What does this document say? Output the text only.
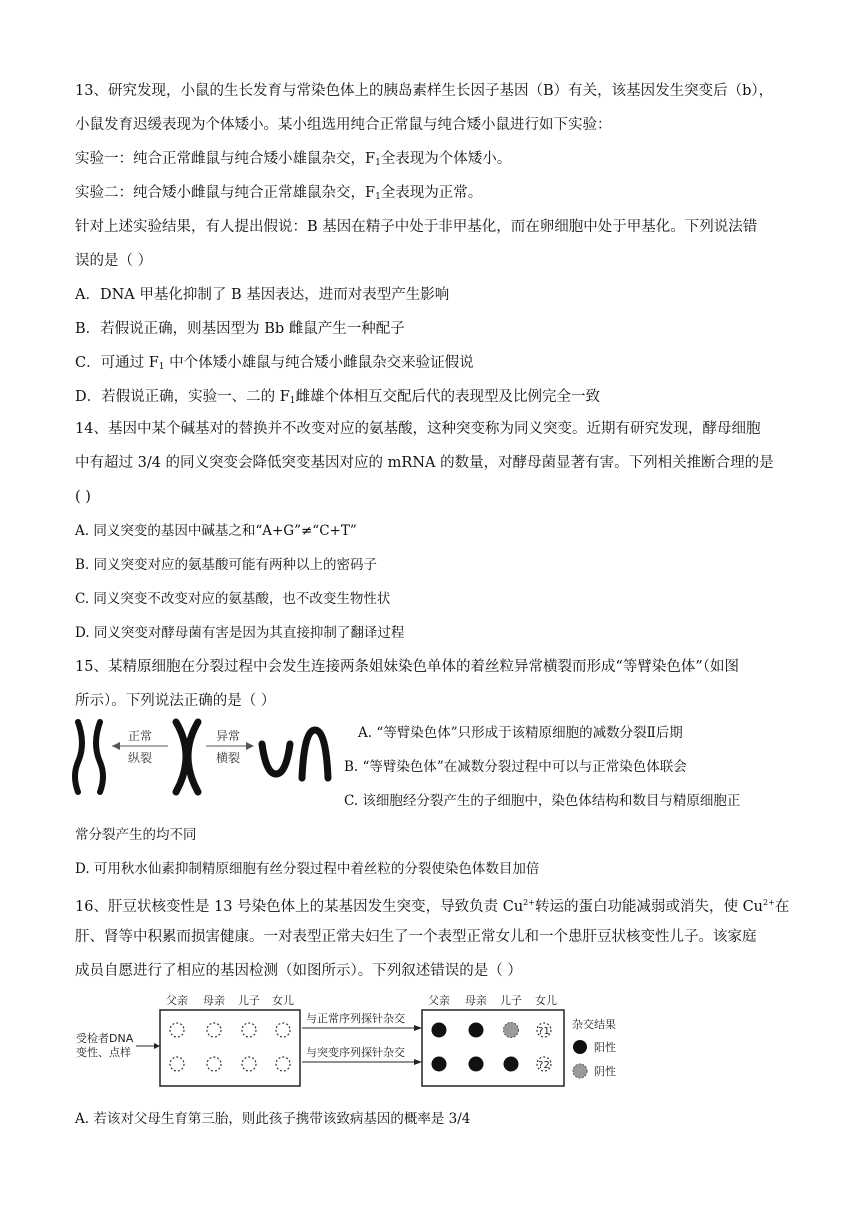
13、研究发现，小鼠的生长发育与常染色体上的胰岛素样生长因子基因（B）有关，该基因发生突变后（b），
小鼠发育迟缓表现为个体矮小。某小组选用纯合正常鼠与纯合矮小鼠进行如下实验：
实验一：纯合正常雌鼠与纯合矮小雄鼠杂交，$F_1$全表现为个体矮小。
实验二：纯合矮小雌鼠与纯合正常雄鼠杂交，$F_1$全表现为正常。
针对上述实验结果，有人提出假说：B 基因在精子中处于非甲基化，而在卵细胞中处于甲基化。下列说法错
误的是（ ）
A．DNA 甲基化抑制了 B 基因表达，进而对表型产生影响
B．若假说正确，则基因型为 Bb 雌鼠产生一种配子
C．可通过 $F_1$ 中个体矮小雄鼠与纯合矮小雌鼠杂交来验证假说
D．若假说正确，实验一、二的 $F_1$雌雄个体相互交配后代的表现型及比例完全一致
14、基因中某个碱基对的替换并不改变对应的氨基酸，这种突变称为同义突变。近期有研究发现，酵母细胞
中有超过 3/4 的同义突变会降低突变基因对应的 mRNA 的数量，对酵母菌显著有害。下列相关推断合理的是
( )
A. 同义突变的基因中碱基之和“A+G”≠“C+T”
B. 同义突变对应的氨基酸可能有两种以上的密码子
C. 同义突变不改变对应的氨基酸，也不改变生物性状
D. 同义突变对酵母菌有害是因为其直接抑制了翻译过程
15、某精原细胞在分裂过程中会发生连接两条姐妹染色单体的着丝粒异常横裂而形成“等臂染色体”（如图
所示）。下列说法正确的是（ ）
正常
纵裂
异常
横裂
A. “等臂染色体”只形成于该精原细胞的减数分裂Ⅱ后期
B. “等臂染色体”在减数分裂过程中可以与正常染色体联会
C. 该细胞经分裂产生的子细胞中，染色体结构和数目与精原细胞正
常分裂产生的均不同
D. 可用秋水仙素抑制精原细胞有丝分裂过程中着丝粒的分裂使染色体数目加倍
16、肝豆状核变性是 13 号染色体上的某基因发生突变，导致负责 $Cu^{2+}$转运的蛋白功能减弱或消失，使 $Cu^{2+}$在
肝、肾等中积累而损害健康。一对表型正常夫妇生了一个表型正常女儿和一个患肝豆状核变性儿子。该家庭
成员自愿进行了相应的基因检测（如图所示）。下列叙述错误的是（ ）
受检者DNA
变性、点样
父亲 母亲 儿子 女儿
与正常序列探针杂交
与突变序列探针杂交
父亲 母亲 儿子 女儿
?1
?2
杂交结果
阳性
阴性
A. 若该对父母生育第三胎，则此孩子携带该致病基因的概率是 3/4
